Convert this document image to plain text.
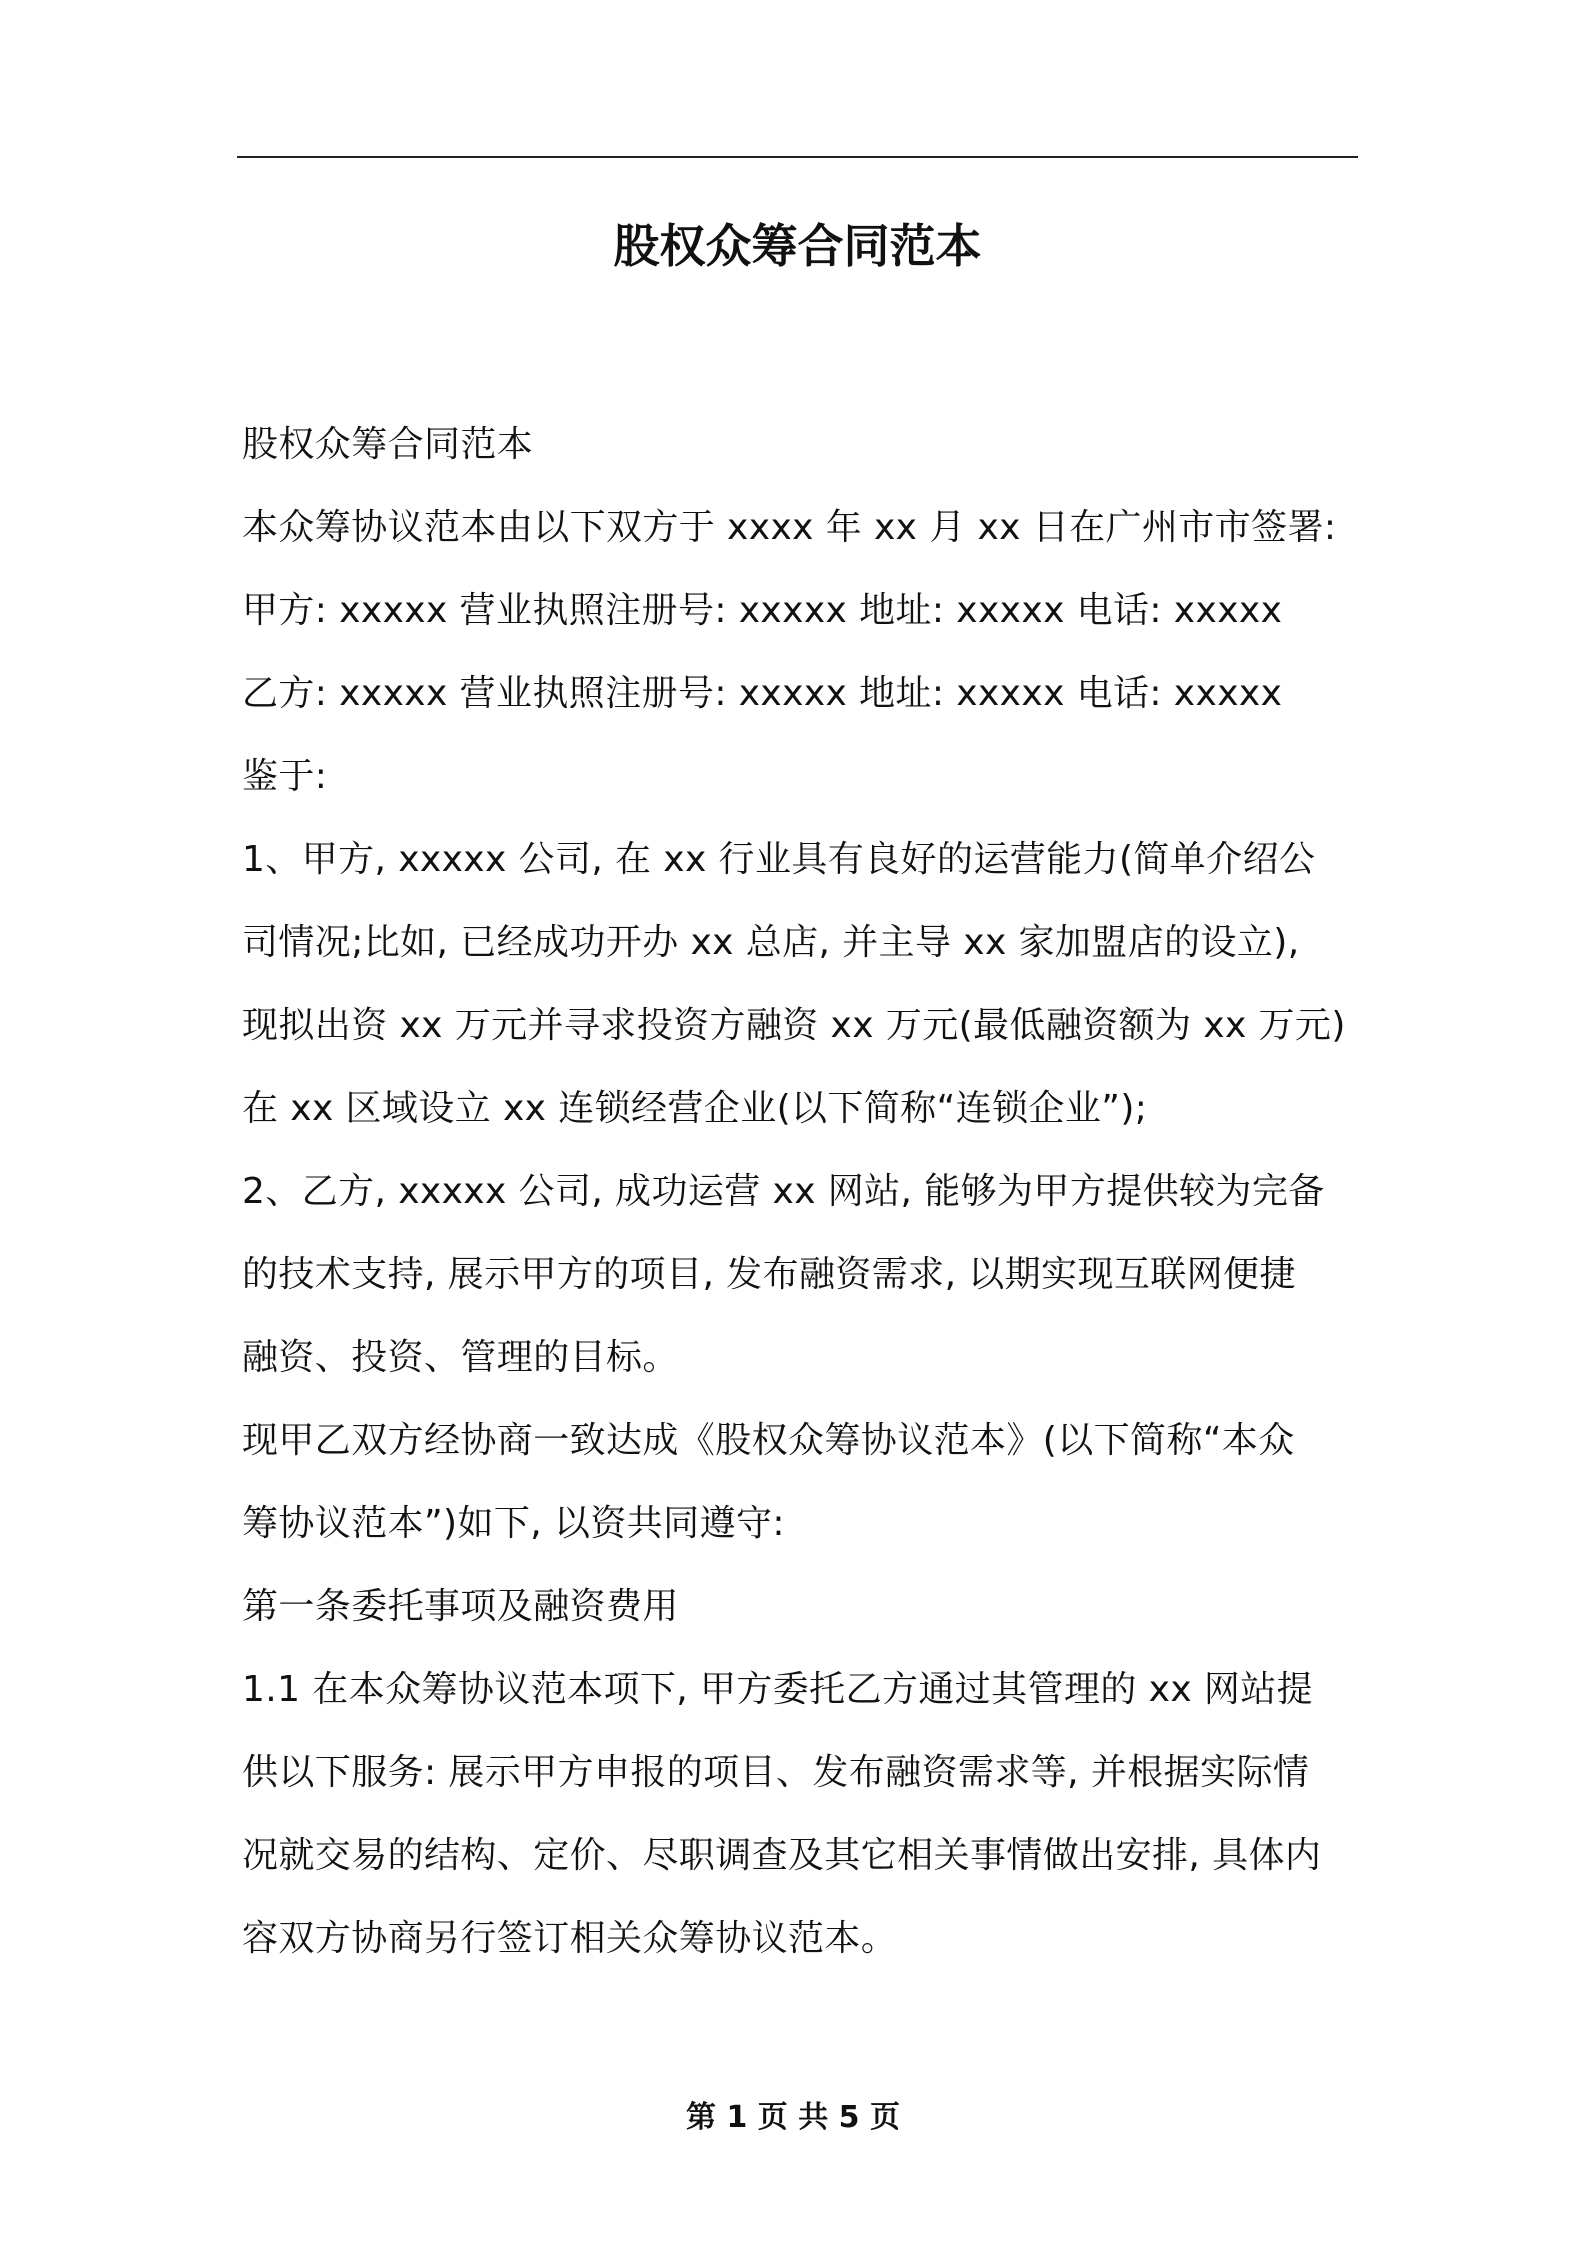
股权众筹合同范本

股权众筹合同范本
本众筹协议范本由以下双方于 xxxx 年 xx 月 xx 日在广州市市签署:
甲方: xxxxx 营业执照注册号: xxxxx 地址: xxxxx 电话: xxxxx
乙方: xxxxx 营业执照注册号: xxxxx 地址: xxxxx 电话: xxxxx
鉴于:
1、甲方, xxxxx 公司, 在 xx 行业具有良好的运营能力(简单介绍公
司情况;比如, 已经成功开办 xx 总店, 并主导 xx 家加盟店的设立),
现拟出资 xx 万元并寻求投资方融资 xx 万元(最低融资额为 xx 万元)
在 xx 区域设立 xx 连锁经营企业(以下简称“连锁企业”);
2、乙方, xxxxx 公司, 成功运营 xx 网站, 能够为甲方提供较为完备
的技术支持, 展示甲方的项目, 发布融资需求, 以期实现互联网便捷
融资、投资、管理的目标。
现甲乙双方经协商一致达成《股权众筹协议范本》(以下简称“本众
筹协议范本”)如下, 以资共同遵守:
第一条委托事项及融资费用
1.1 在本众筹协议范本项下, 甲方委托乙方通过其管理的 xx 网站提
供以下服务: 展示甲方申报的项目、发布融资需求等, 并根据实际情
况就交易的结构、定价、尽职调查及其它相关事情做出安排, 具体内
容双方协商另行签订相关众筹协议范本。

第 1 页 共 5 页
